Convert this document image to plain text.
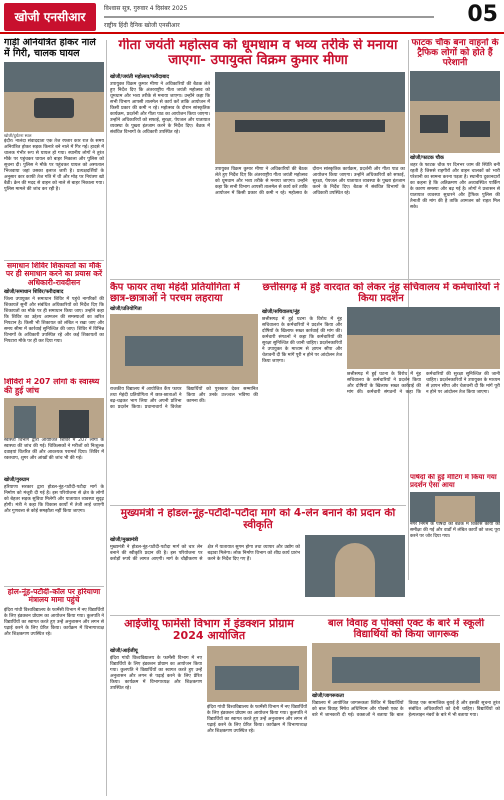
खोजी एनसीआर
विश्वास सूत्र, गुरुवार 4 दिसंबर 2025
राष्ट्रीय हिंदी दैनिक खोजी एनसीआर	05
गाड़ी अनियंत्रित होकर नाले में गिरी, चालक घायल
खोजी/दुर्घटना स्थल
इंदौर। नालंदा संवाददाता एक तेज रफ्तार कार रात के समय अनियंत्रित होकर सड़क किनारे बने नाले में गिर गई। हादसे में चालक गंभीर रूप से घायल हो गया। स्थानीय लोगों ने तुरंत मौके पर पहुंचकर घायल को बाहर निकाला और पुलिस को सूचना दी। पुलिस ने मौके पर पहुंचकर घायल को अस्पताल भिजवाया जहां उसका इलाज जारी है। प्रत्यक्षदर्शियों के अनुसार कार काफी तेज गति में थी और मोड़ पर नियंत्रण खो बैठी। क्रेन की मदद से वाहन को नाले से बाहर निकाला गया। पुलिस मामले की जांच कर रही है।
समाधान शिविर शिकायतों का मौके पर ही समाधान करने का प्रयास करें अधिकारी-रावदीसन
खोजी/समाधान शिविर/फरीदाबाद
जिला उपायुक्त ने समाधान शिविर में पहुंचे नागरिकों की शिकायतें सुनीं और संबंधित अधिकारियों को निर्देश दिए कि शिकायतों का मौके पर ही समाधान किया जाए। उन्होंने कहा कि शिविर का उद्देश्य आमजन की समस्याओं का त्वरित निपटान है। किसी भी शिकायत को लंबित न रखा जाए और समय सीमा में कार्रवाई सुनिश्चित की जाए। शिविर में विभिन्न विभागों के अधिकारी उपस्थित रहे और कई शिकायतों का निपटारा मौके पर ही कर दिया गया।
शिविरों में 207 लोगों के स्वास्थ्य की हुई जांच
स्वास्थ्य विभाग द्वारा आयोजित शिविर में 207 लोगों के स्वास्थ्य की जांच की गई। चिकित्सकों ने मरीजों को निःशुल्क दवाइयां वितरित कीं और आवश्यक परामर्श दिया। शिविर में रक्तचाप, शुगर और आंखों की जांच भी की गई।
खोजी/गुरुग्राम
हरियाणा सरकार द्वारा होडल-नूंह-पटौदी-पटौदा मार्ग के निर्माण को मंजूरी दी गई है। इस परियोजना से क्षेत्र के लोगों को बेहतर सड़क सुविधा मिलेगी और यातायात व्यवस्था सुदृढ़ होगी। मंत्री ने कहा कि विकास कार्यों में तेजी लाई जाएगी और गुणवत्ता से कोई समझौता नहीं किया जाएगा।
होल-नूंह-पटौदी-कॉल पर हरियाणा मंत्रालय मामा पहुंचे
इंदिरा गांधी विश्वविद्यालय के फार्मेसी विभाग में नए विद्यार्थियों के लिए इंडक्शन प्रोग्राम का आयोजन किया गया। कुलपति ने विद्यार्थियों का स्वागत करते हुए उन्हें अनुशासन और लगन से पढ़ाई करने के लिए प्रेरित किया। कार्यक्रम में विभागाध्यक्ष और शिक्षकगण उपस्थित रहे।
गीता जयंती महोत्सव को धूमधाम व भव्य तरीके से मनाया जाएगा- उपायुक्त विक्रम कुमार मीणा
खोजी/जयंती महोत्सव/फरीदाबाद
उपायुक्त विक्रम कुमार मीणा ने अधिकारियों की बैठक लेते हुए निर्देश दिए कि अंतरराष्ट्रीय गीता जयंती महोत्सव को धूमधाम और भव्य तरीके से मनाया जाएगा। उन्होंने कहा कि सभी विभाग आपसी तालमेल से कार्य करें ताकि आयोजन में किसी प्रकार की कमी न रहे। महोत्सव के दौरान सांस्कृतिक कार्यक्रम, प्रदर्शनी और गीता पाठ का आयोजन किया जाएगा। उन्होंने अधिकारियों को सफाई, सुरक्षा, पेयजल और यातायात व्यवस्था के पुख्ता इंतजाम करने के निर्देश दिए। बैठक में संबंधित विभागों के अधिकारी उपस्थित रहे।
उपायुक्त विक्रम कुमार मीणा ने अधिकारियों की बैठक लेते हुए निर्देश दिए कि अंतरराष्ट्रीय गीता जयंती महोत्सव को धूमधाम और भव्य तरीके से मनाया जाएगा। उन्होंने कहा कि सभी विभाग आपसी तालमेल से कार्य करें ताकि आयोजन में किसी प्रकार की कमी न रहे। महोत्सव के दौरान सांस्कृतिक कार्यक्रम, प्रदर्शनी और गीता पाठ का आयोजन किया जाएगा। उन्होंने अधिकारियों को सफाई, सुरक्षा, पेयजल और यातायात व्यवस्था के पुख्ता इंतजाम करने के निर्देश दिए। बैठक में संबंधित विभागों के अधिकारी उपस्थित रहे।
कैप फायर तथा मेहंदी प्रतियोगिता में छात्र-छात्राओं ने परचम लहराया
खोजी/प्रतियोगिता
राजकीय विद्यालय में आयोजित कैंप फायर तथा मेहंदी प्रतियोगिता में छात्र-छात्राओं ने बढ़-चढ़कर भाग लिया और अपनी प्रतिभा का प्रदर्शन किया। प्रधानाचार्य ने विजेता विद्यार्थियों को पुरस्कार देकर सम्मानित किया और उनके उज्ज्वल भविष्य की कामना की।
छत्तीसगढ़ में हुई वारदात को लेकर नूंह सचिवालय में कर्मचारियों ने किया प्रदर्शन
खोजी/सचिवालय/नूंह
छत्तीसगढ़ में हुई घटना के विरोध में नूंह सचिवालय के कर्मचारियों ने प्रदर्शन किया और दोषियों के खिलाफ सख्त कार्रवाई की मांग की। कर्मचारी संगठनों ने कहा कि कर्मचारियों की सुरक्षा सुनिश्चित की जानी चाहिए। प्रदर्शनकारियों ने उपायुक्त के माध्यम से ज्ञापन सौंपा और चेतावनी दी कि मांगें पूरी न होने पर आंदोलन तेज किया जाएगा।
छत्तीसगढ़ में हुई घटना के विरोध में नूंह सचिवालय के कर्मचारियों ने प्रदर्शन किया और दोषियों के खिलाफ सख्त कार्रवाई की मांग की। कर्मचारी संगठनों ने कहा कि कर्मचारियों की सुरक्षा सुनिश्चित की जानी चाहिए। प्रदर्शनकारियों ने उपायुक्त के माध्यम से ज्ञापन सौंपा और चेतावनी दी कि मांगें पूरी न होने पर आंदोलन तेज किया जाएगा।
पार्षदों की हुई मीटिंग में किया गया प्रदर्शन ऐसा आया
नगर निगम के पार्षदों की बैठक में विकास कार्यों की समीक्षा की गई और वार्डों में लंबित कार्यों को जल्द पूरा करने पर जोर दिया गया।
मुख्यमंत्री ने होडल-नूंह-पटौदी-पटौदा मार्ग को 4-लेन बनाने की प्रदान की स्वीकृति
खोजी/मुख्यमंत्री
मुख्यमंत्री ने होडल-नूंह-पटौदी-पटौदा मार्ग को चार लेन बनाने की स्वीकृति प्रदान की है। इस परियोजना पर करोड़ों रुपये की लागत आएगी। मार्ग के चौड़ीकरण से क्षेत्र में यातायात सुगम होगा तथा व्यापार और उद्योग को बढ़ावा मिलेगा। लोक निर्माण विभाग को शीघ्र कार्य प्रारंभ करने के निर्देश दिए गए हैं।
फाटक चौक बना वाहनों के ट्रैफिक लोगों को होते हैं परेशानी
खोजी/फाटक चौक
शहर के फाटक चौक पर दिनभर जाम की स्थिति बनी रहती है जिससे राहगीरों और वाहन चालकों को भारी परेशानी का सामना करना पड़ता है। स्थानीय दुकानदारों का कहना है कि अतिक्रमण और अव्यवस्थित पार्किंग के कारण समस्या और बढ़ गई है। लोगों ने प्रशासन से यातायात व्यवस्था सुधारने और ट्रैफिक पुलिस की तैनाती की मांग की है ताकि आमजन को राहत मिल सके।
आईजीयू फार्मेसी विभाग में इंडक्शन प्रोग्राम 2024 आयोजित
खोजी/आईजीयू
इंदिरा गांधी विश्वविद्यालय के फार्मेसी विभाग में नए विद्यार्थियों के लिए इंडक्शन प्रोग्राम का आयोजन किया गया। कुलपति ने विद्यार्थियों का स्वागत करते हुए उन्हें अनुशासन और लगन से पढ़ाई करने के लिए प्रेरित किया। कार्यक्रम में विभागाध्यक्ष और शिक्षकगण उपस्थित रहे।
इंदिरा गांधी विश्वविद्यालय के फार्मेसी विभाग में नए विद्यार्थियों के लिए इंडक्शन प्रोग्राम का आयोजन किया गया। कुलपति ने विद्यार्थियों का स्वागत करते हुए उन्हें अनुशासन और लगन से पढ़ाई करने के लिए प्रेरित किया। कार्यक्रम में विभागाध्यक्ष और शिक्षकगण उपस्थित रहे।
बाल विवाह व पोक्सो एक्ट के बारे में स्कूली विद्यार्थियों को किया जागरूक
खोजी/जागरूकता
विद्यालय में आयोजित जागरूकता शिविर में विद्यार्थियों को बाल विवाह निषेध अधिनियम और पोक्सो एक्ट के बारे में जानकारी दी गई। वक्ताओं ने बताया कि बाल विवाह एक सामाजिक बुराई है और इसकी सूचना तुरंत संबंधित अधिकारियों को देनी चाहिए। विद्यार्थियों को हेल्पलाइन नंबरों के बारे में भी बताया गया।
